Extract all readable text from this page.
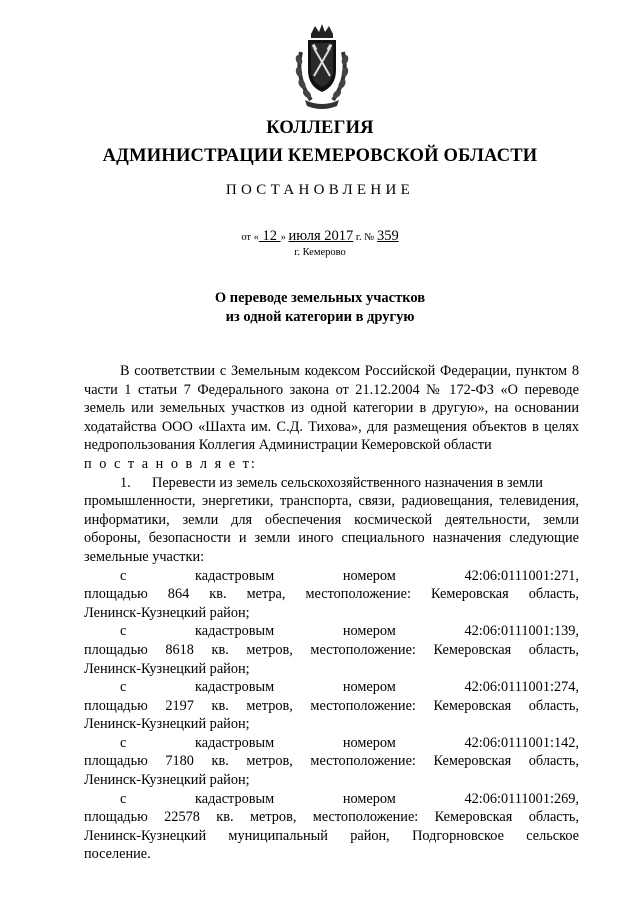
КОЛЛЕГИЯ
АДМИНИСТРАЦИИ КЕМЕРОВСКОЙ ОБЛАСТИ
ПОСТАНОВЛЕНИЕ
от « 12 » июля 2017 г. № 359
г. Кемерово
О переводе земельных участков
из одной категории в другую

В соответствии с Земельным кодексом Российской Федерации, пунктом 8 части 1 статьи 7 Федерального закона от 21.12.2004 № 172-ФЗ «О переводе земель или земельных участков из одной категории в другую», на основании ходатайства ООО «Шахта им. С.Д. Тихова», для размещения объектов в целях недропользования Коллегия Администрации Кемеровской области

п о с т а н о в л я е т:

1.	Перевести из земель сельскохозяйственного назначения в земли

промышленности, энергетики, транспорта, связи, радиовещания, телевидения, информатики, земли для обеспечения космической деятельности, земли обороны, безопасности и земли иного специального назначения следующие земельные участки:

с	кадастровым	номером	42:06:0111001:271,

площадью 864 кв. метра, местоположение: Кемеровская область,

Ленинск-Кузнецкий район;

с	кадастровым	номером	42:06:0111001:139,

площадью 8618 кв. метров, местоположение: Кемеровская область,

Ленинск-Кузнецкий район;

с	кадастровым	номером	42:06:0111001:274,

площадью 2197 кв. метров, местоположение: Кемеровская область,

Ленинск-Кузнецкий район;

с	кадастровым	номером	42:06:0111001:142,

площадью 7180 кв. метров, местоположение: Кемеровская область,

Ленинск-Кузнецкий район;

с	кадастровым	номером	42:06:0111001:269,

площадью 22578 кв. метров, местоположение: Кемеровская область,

Ленинск-Кузнецкий муниципальный район, Подгорновское сельское

поселение.
